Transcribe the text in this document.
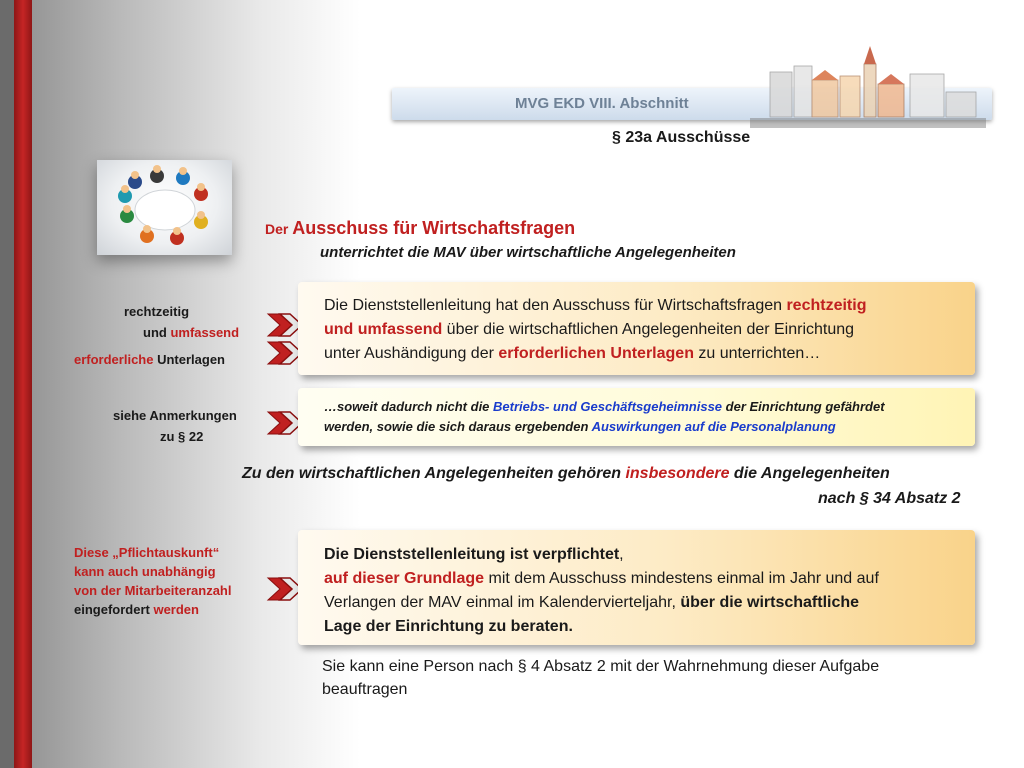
MVG EKD VIII. Abschnitt
§ 23a Ausschüsse
Der Ausschuss für Wirtschaftsfragen
unterrichtet die MAV über wirtschaftliche Angelegenheiten
rechtzeitig
und umfassend
erforderliche Unterlagen
Die Dienststellenleitung hat den Ausschuss für Wirtschaftsfragen rechtzeitig
und umfassend über die wirtschaftlichen Angelegenheiten der Einrichtung
unter Aushändigung der erforderlichen Unterlagen zu unterrichten…
siehe Anmerkungen
zu § 22
…soweit dadurch nicht die Betriebs- und Geschäftsgeheimnisse der Einrichtung gefährdet
werden, sowie die sich daraus ergebenden Auswirkungen auf die Personalplanung
Zu den wirtschaftlichen Angelegenheiten gehören insbesondere die Angelegenheiten
nach § 34 Absatz 2
Diese „Pflichtauskunft“
kann auch unabhängig
von der Mitarbeiteranzahl
eingefordert werden
Die Dienststellenleitung ist verpflichtet,
auf dieser Grundlage mit dem Ausschuss mindestens einmal im Jahr und auf
Verlangen der MAV einmal im Kalendervierteljahr, über die wirtschaftliche
Lage der Einrichtung zu beraten.
Sie kann eine Person nach § 4 Absatz 2 mit der Wahrnehmung dieser Aufgabe beauftragen
